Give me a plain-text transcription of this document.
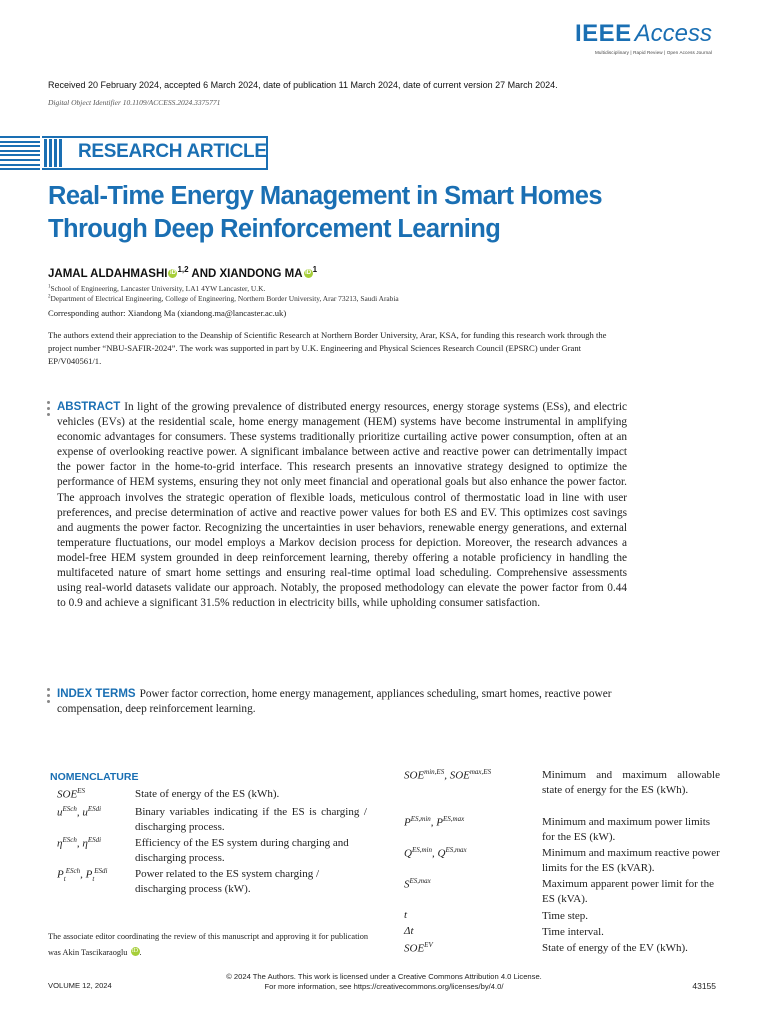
IEEE Access
Multidisciplinary | Rapid Review | Open Access Journal
Received 20 February 2024, accepted 6 March 2024, date of publication 11 March 2024, date of current version 27 March 2024.
Digital Object Identifier 10.1109/ACCESS.2024.3375771
RESEARCH ARTICLE
Real-Time Energy Management in Smart Homes
Through Deep Reinforcement Learning
JAMAL ALDAHMASHI iD $^{1,2}$ AND XIANDONG MA iD $^1$
$^1$School of Engineering, Lancaster University, LA1 4YW Lancaster, U.K.
$^2$Department of Electrical Engineering, College of Engineering, Northern Border University, Arar 73213, Saudi Arabia
Corresponding author: Xiandong Ma (xiandong.ma@lancaster.ac.uk)
The authors extend their appreciation to the Deanship of Scientific Research at Northern Border University, Arar, KSA, for funding this research work through the project number “NBU-SAFIR-2024”. The work was supported in part by U.K. Engineering and Physical Sciences Research Council (EPSRC) under Grant EP/V040561/1.
ABSTRACT In light of the growing prevalence of distributed energy resources, energy storage systems (ESs), and electric vehicles (EVs) at the residential scale, home energy management (HEM) systems have become instrumental in amplifying economic advantages for consumers. These systems traditionally prioritize curtailing active power consumption, often at an expense of overlooking reactive power. A significant imbalance between active and reactive power can detrimentally impact the power factor in the home-to-grid interface. This research presents an innovative strategy designed to optimize the performance of HEM systems, ensuring they not only meet financial and operational goals but also enhance the power factor. The approach involves the strategic operation of flexible loads, meticulous control of thermostatic load in line with user preferences, and precise determination of active and reactive power values for both ES and EV. This optimizes cost savings and augments the power factor. Recognizing the uncertainties in user behaviors, renewable energy generations, and external temperature fluctuations, our model employs a Markov decision process for depiction. Moreover, the research advances a model-free HEM system grounded in deep reinforcement learning, thereby offering a notable proficiency in handling the multifaceted nature of smart home settings and ensuring real-time optimal load scheduling. Comprehensive assessments using real-world datasets validate our approach. Notably, the proposed methodology can elevate the power factor from 0.44 to 0.9 and achieve a significant 31.5% reduction in electricity bills, while upholding consumer satisfaction.
INDEX TERMS Power factor correction, home energy management, appliances scheduling, smart homes, reactive power compensation, deep reinforcement learning.
NOMENCLATURE
$SOE^{ES}$	State of energy of the ES (kWh).
$u^{ESch}$, $u^{ESdi}$	Binary variables indicating if the ES is charging / discharging process.
$\eta^{ESch}$, $\eta^{ESdi}$	Efficiency of the ES system during charging and discharging process.
$P_t^{ESch}$, $P_t^{ESdi}$	Power related to the ES system charging / discharging process (kW).
The associate editor coordinating the review of this manuscript and approving it for publication was Akin Tascikaraoglu iD .
$SOE^{min,ES}$, $SOE^{max,ES}$	Minimum and maximum allowable state of energy for the ES (kWh).
$P^{ES,min}$, $P^{ES,max}$	Minimum and maximum power limits for the ES (kW).
$Q^{ES,min}$, $Q^{ES,max}$	Minimum and maximum reactive power limits for the ES (kVAR).
$S^{ES,max}$	Maximum apparent power limit for the ES (kVA).
t	Time step.
Δt	Time interval.
$SOE^{EV}$	State of energy of the EV (kWh).
VOLUME 12, 2024
© 2024 The Authors. This work is licensed under a Creative Commons Attribution 4.0 License.
For more information, see https://creativecommons.org/licenses/by/4.0/	43155
